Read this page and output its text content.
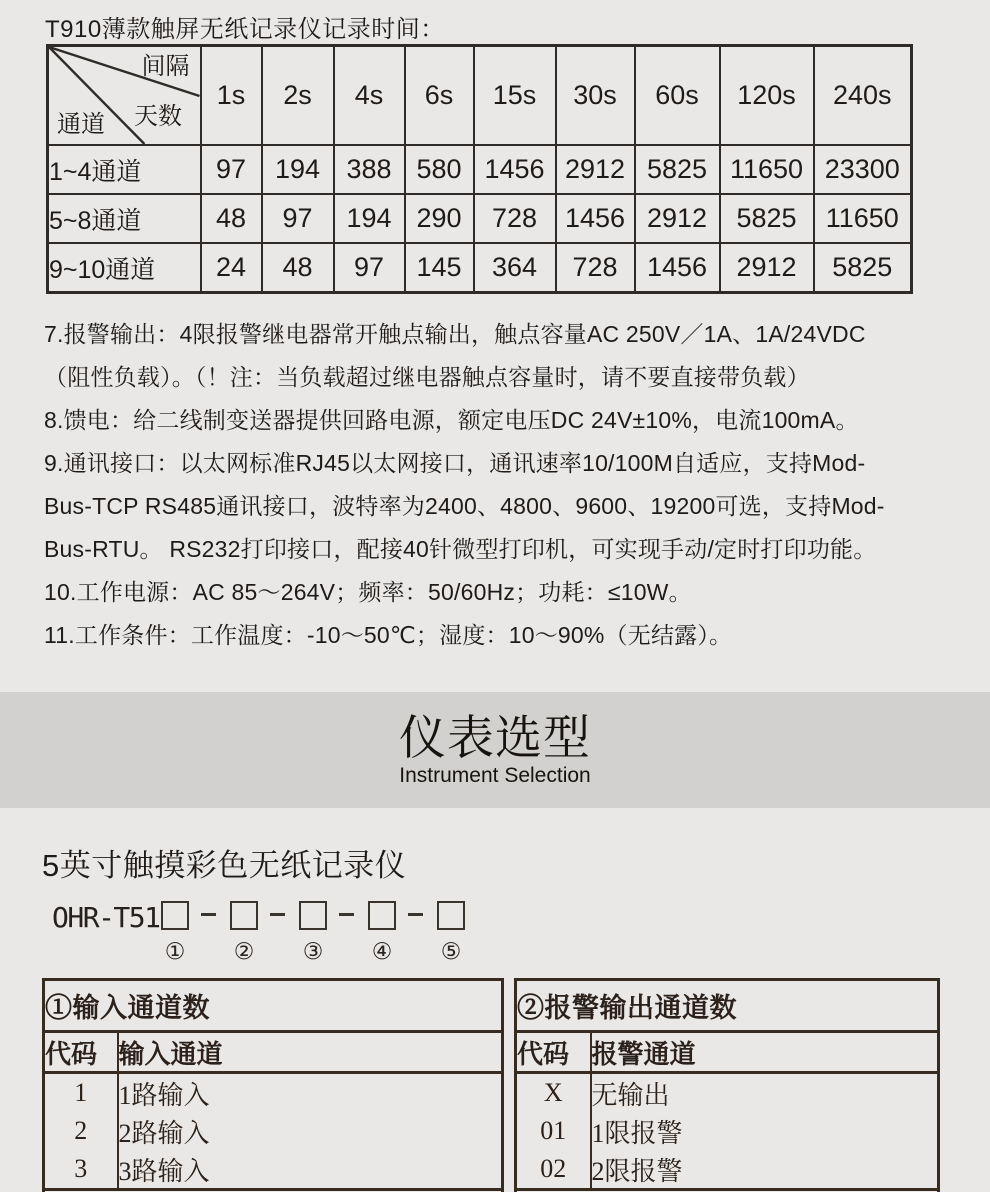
T910薄款触屏无纸记录仪记录时间：
间隔
天数
通道	1s	2s	4s	6s	15s	30s	60s	120s	240s
1~4通道	97	194	388	580	1456	2912	5825	11650	23300
5~8通道	48	97	194	290	728	1456	2912	5825	11650
9~10通道	24	48	97	145	364	728	1456	2912	5825
7.报警输出：4限报警继电器常开触点输出，触点容量AC 250V／1A、1A/24VDC
（阻性负载）。（！注：当负载超过继电器触点容量时，请不要直接带负载）
8.馈电：给二线制变送器提供回路电源，额定电压DC 24V±10%，电流100mA。
9.通讯接口：以太网标准RJ45以太网接口，通讯速率10/100M自适应，支持Mod-
Bus-TCP RS485通讯接口，波特率为2400、4800、9600、19200可选，支持Mod-
Bus-RTU。 RS232打印接口，配接40针微型打印机，可实现手动/定时打印功能。
10.工作电源：AC 85～264V；频率：50/60Hz；功耗：≤10W。
11.工作条件：工作温度：-10～50℃；湿度：10～90%（无结露）。
仪表选型
Instrument Selection
5英寸触摸彩色无纸记录仪
OHR-T51
① ② ③ ④ ⑤
①输入通道数	
代码	输入通道
1	1路输入
2	2路输入
3	3路输入

②报警输出通道数	
代码	报警通道
X	无输出
01	1限报警
02	2限报警
